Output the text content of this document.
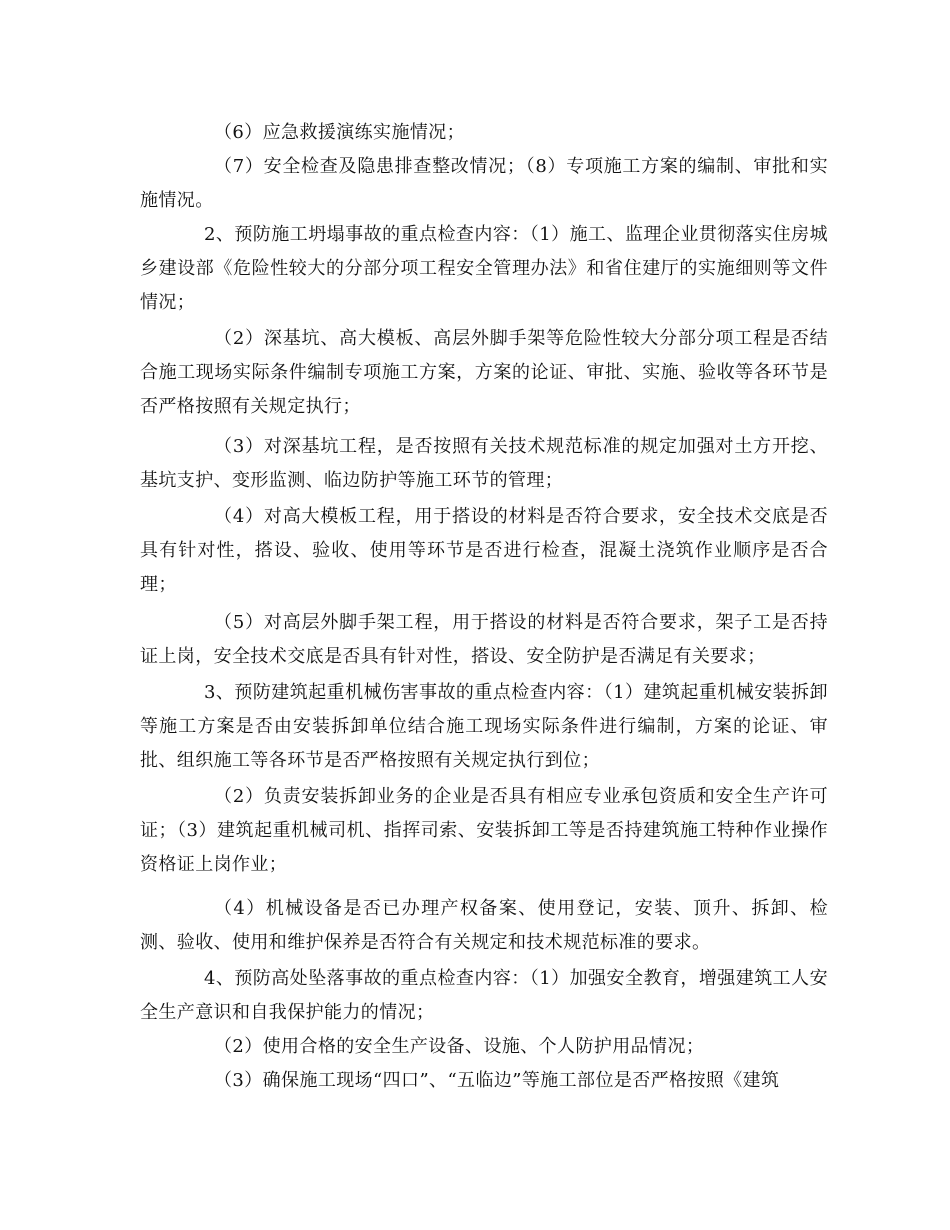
（6）应急救援演练实施情况；

（7）安全检查及隐患排查整改情况；（8）专项施工方案的编制、审批和实施情况。

2、预防施工坍塌事故的重点检查内容：（1）施工、监理企业贯彻落实住房城乡建设部《危险性较大的分部分项工程安全管理办法》和省住建厅的实施细则等文件情况；

（2）深基坑、高大模板、高层外脚手架等危险性较大分部分项工程是否结合施工现场实际条件编制专项施工方案，方案的论证、审批、实施、验收等各环节是否严格按照有关规定执行；

（3）对深基坑工程，是否按照有关技术规范标准的规定加强对土方开挖、基坑支护、变形监测、临边防护等施工环节的管理；

（4）对高大模板工程，用于搭设的材料是否符合要求，安全技术交底是否具有针对性，搭设、验收、使用等环节是否进行检查，混凝土浇筑作业顺序是否合理；

（5）对高层外脚手架工程，用于搭设的材料是否符合要求，架子工是否持证上岗，安全技术交底是否具有针对性，搭设、安全防护是否满足有关要求；

3、预防建筑起重机械伤害事故的重点检查内容：（1）建筑起重机械安装拆卸等施工方案是否由安装拆卸单位结合施工现场实际条件进行编制，方案的论证、审批、组织施工等各环节是否严格按照有关规定执行到位；

（2）负责安装拆卸业务的企业是否具有相应专业承包资质和安全生产许可证；（3）建筑起重机械司机、指挥司索、安装拆卸工等是否持建筑施工特种作业操作资格证上岗作业；

（4）机械设备是否已办理产权备案、使用登记，安装、顶升、拆卸、检测、验收、使用和维护保养是否符合有关规定和技术规范标准的要求。

4、预防高处坠落事故的重点检查内容：（1）加强安全教育，增强建筑工人安全生产意识和自我保护能力的情况；

（2）使用合格的安全生产设备、设施、个人防护用品情况；

（3）确保施工现场“四口”、“五临边”等施工部位是否严格按照《建筑
